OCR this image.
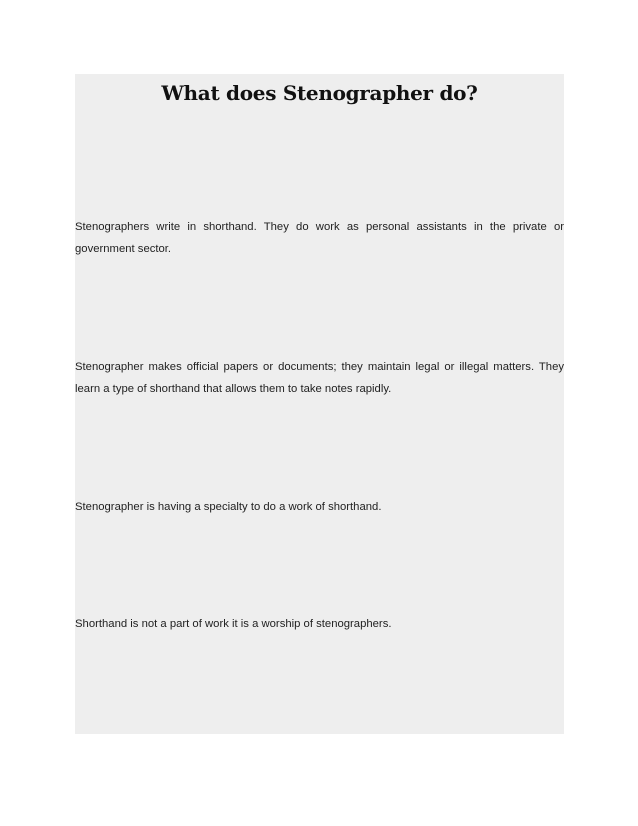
What does Stenographer do?

Stenographers write in shorthand. They do work as personal assistants in the private or government sector.

Stenographer makes official papers or documents; they maintain legal or illegal matters. They learn a type of shorthand that allows them to take notes rapidly.

Stenographer is having a specialty to do a work of shorthand.

Shorthand is not a part of work it is a worship of stenographers.
